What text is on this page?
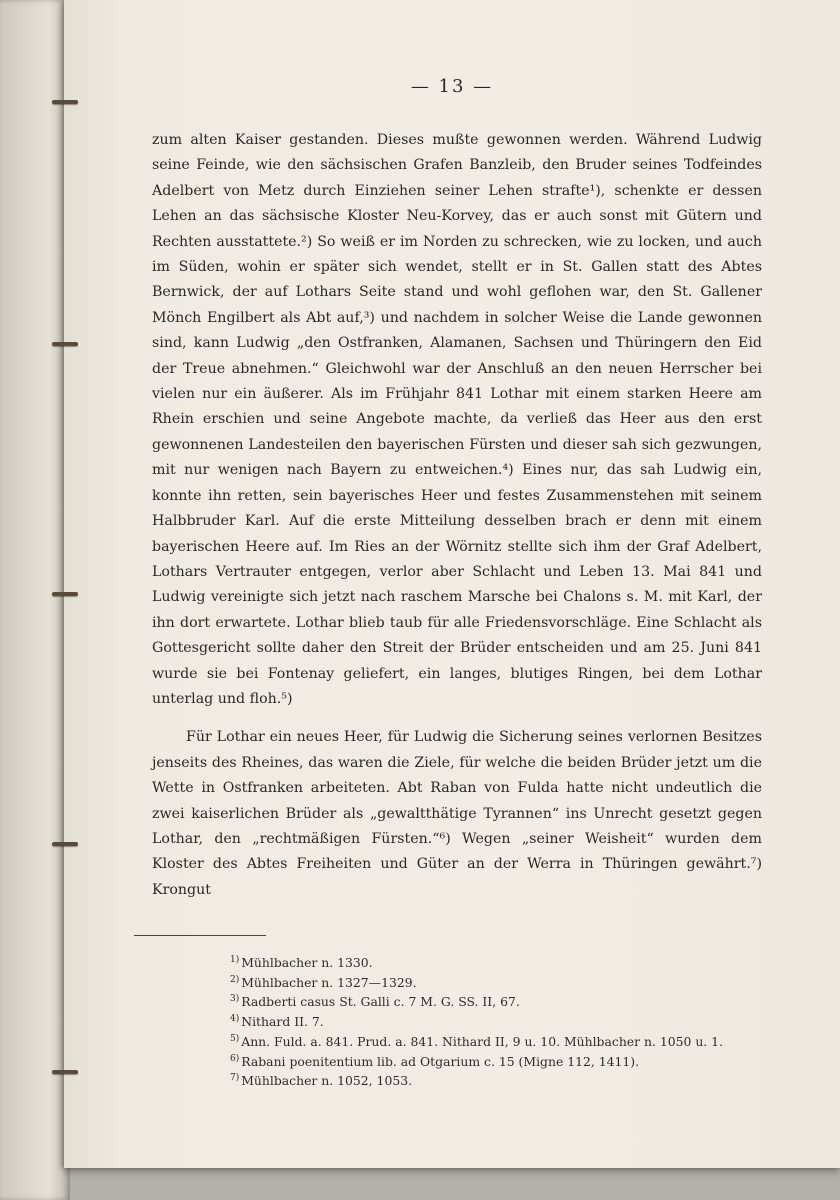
— 13 —

zum alten Kaiser gestanden. Dieses mußte gewonnen werden. Während Ludwig seine Feinde, wie den sächsischen Grafen Banzleib, den Bruder seines Todfeindes Adelbert von Metz durch Einziehen seiner Lehen strafte¹), schenkte er dessen Lehen an das sächsische Kloster Neu-Korvey, das er auch sonst mit Gütern und Rechten ausstattete.²) So weiß er im Norden zu schrecken, wie zu locken, und auch im Süden, wohin er später sich wendet, stellt er in St. Gallen statt des Abtes Bernwick, der auf Lothars Seite stand und wohl geflohen war, den St. Gallener Mönch Engilbert als Abt auf,³) und nachdem in solcher Weise die Lande gewonnen sind, kann Ludwig „den Ostfranken, Alamanen, Sachsen und Thüringern den Eid der Treue abnehmen.“ Gleichwohl war der Anschluß an den neuen Herrscher bei vielen nur ein äußerer. Als im Frühjahr 841 Lothar mit einem starken Heere am Rhein erschien und seine Angebote machte, da verließ das Heer aus den erst gewonnenen Landesteilen den bayerischen Fürsten und dieser sah sich gezwungen, mit nur wenigen nach Bayern zu entweichen.⁴) Eines nur, das sah Ludwig ein, konnte ihn retten, sein bayerisches Heer und festes Zusammenstehen mit seinem Halbbruder Karl. Auf die erste Mitteilung desselben brach er denn mit einem bayerischen Heere auf. Im Ries an der Wörnitz stellte sich ihm der Graf Adelbert, Lothars Vertrauter entgegen, verlor aber Schlacht und Leben 13. Mai 841 und Ludwig vereinigte sich jetzt nach raschem Marsche bei Chalons s. M. mit Karl, der ihn dort erwartete. Lothar blieb taub für alle Friedensvorschläge. Eine Schlacht als Gottesgericht sollte daher den Streit der Brüder entscheiden und am 25. Juni 841 wurde sie bei Fontenay geliefert, ein langes, blutiges Ringen, bei dem Lothar unterlag und floh.⁵)

Für Lothar ein neues Heer, für Ludwig die Sicherung seines verlornen Besitzes jenseits des Rheines, das waren die Ziele, für welche die beiden Brüder jetzt um die Wette in Ostfranken arbeiteten. Abt Raban von Fulda hatte nicht undeutlich die zwei kaiserlichen Brüder als „gewaltthätige Tyrannen“ ins Unrecht gesetzt gegen Lothar, den „rechtmäßigen Fürsten.“⁶) Wegen „seiner Weisheit“ wurden dem Kloster des Abtes Freiheiten und Güter an der Werra in Thüringen gewährt.⁷) Krongut

$^{1)}$ Mühlbacher n. 1330.

$^{2)}$ Mühlbacher n. 1327—1329.

$^{3)}$ Radberti casus St. Galli c. 7 M. G. SS. II, 67.

$^{4)}$ Nithard II. 7.

$^{5)}$ Ann. Fuld. a. 841. Prud. a. 841. Nithard II, 9 u. 10. Mühlbacher n. 1050 u. 1.

$^{6)}$ Rabani poenitentium lib. ad Otgarium c. 15 (Migne 112, 1411).

$^{7)}$ Mühlbacher n. 1052, 1053.
